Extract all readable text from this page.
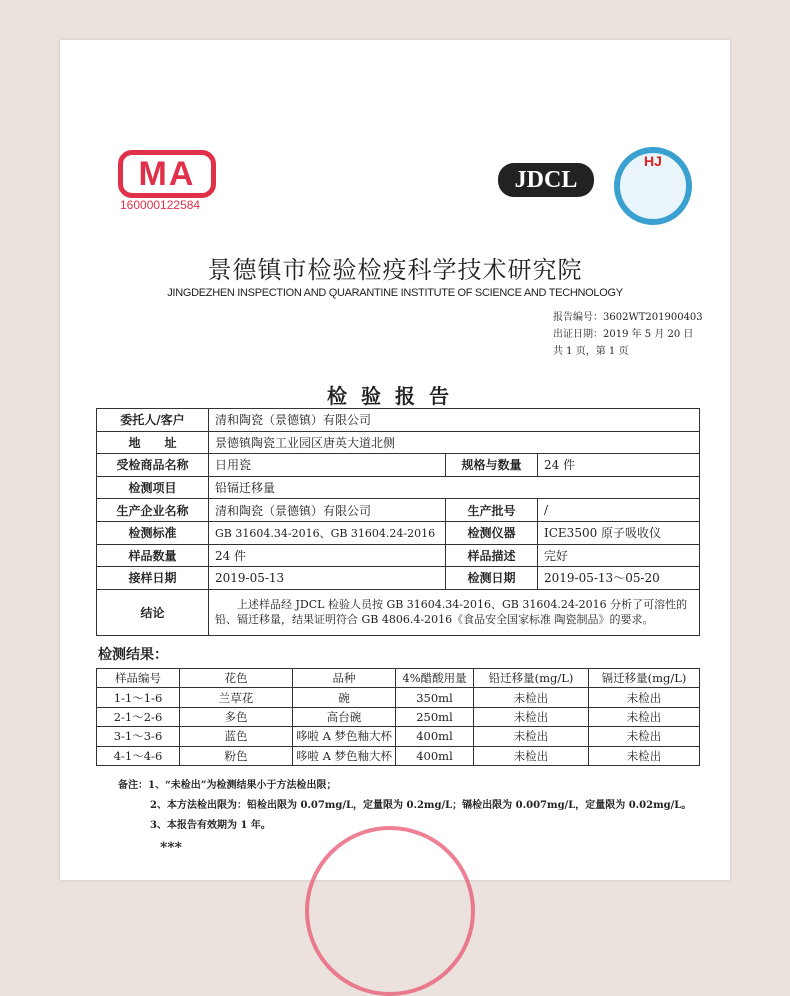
MA
160000122584
JDCL
HJ
景德镇市检验检疫科学技术研究院
JINGDEZHEN INSPECTION AND QUARANTINE INSTITUTE OF SCIENCE AND TECHNOLOGY
报告编号：3602WT201900403
出证日期：2019 年 5 月 20 日
共 1 页，第 1 页
检验报告
委托人/客户	清和陶瓷（景德镇）有限公司		
地　　址	景德镇陶瓷工业园区唐英大道北侧		
受检商品名称	日用瓷	规格与数量	24 件
检测项目	铅镉迁移量		
生产企业名称	清和陶瓷（景德镇）有限公司	生产批号	/
检测标准	GB 31604.34-2016、GB 31604.24-2016	检测仪器	ICE3500 原子吸收仪
样品数量	24 件	样品描述	完好
接样日期	2019-05-13	检测日期	2019-05-13～05-20
结论	　　上述样品经 JDCL 检验人员按 GB 31604.34-2016、GB 31604.24-2016 分析了可溶性的铅、镉迁移量，结果证明符合 GB 4806.4-2016《食品安全国家标准 陶瓷制品》的要求。		
检测结果：
样品编号	花色	品种	4%醋酸用量	铅迁移量(mg/L)	镉迁移量(mg/L)
1-1～1-6	兰草花	碗	350ml	未检出	未检出
2-1～2-6	多色	高台碗	250ml	未检出	未检出
3-1～3-6	蓝色	哆啦 A 梦色釉大杯	400ml	未检出	未检出
4-1～4-6	粉色	哆啦 A 梦色釉大杯	400ml	未检出	未检出
备注：1、“未检出”为检测结果小于方法检出限；
2、本方法检出限为：铅检出限为 0.07mg/L，定量限为 0.2mg/L；镉检出限为 0.007mg/L，定量限为 0.02mg/L。
3、本报告有效期为 1 年。
***
